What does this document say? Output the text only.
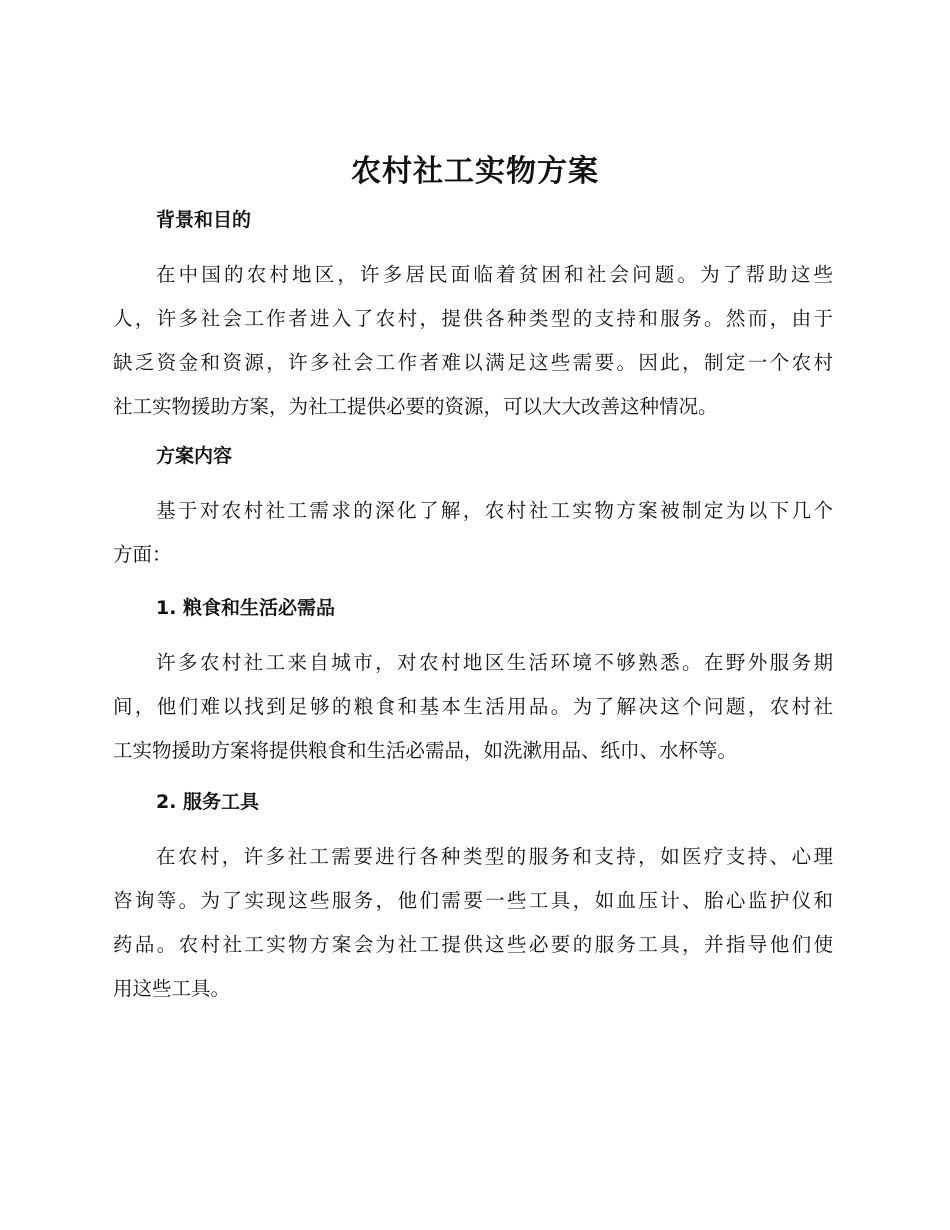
农村社工实物方案
背景和目的
在中国的农村地区，许多居民面临着贫困和社会问题。为了帮助这些
人，许多社会工作者进入了农村，提供各种类型的支持和服务。然而，由于
缺乏资金和资源，许多社会工作者难以满足这些需要。因此，制定一个农村
社工实物援助方案，为社工提供必要的资源，可以大大改善这种情况。
方案内容
基于对农村社工需求的深化了解，农村社工实物方案被制定为以下几个
方面：
1. 粮食和生活必需品
许多农村社工来自城市，对农村地区生活环境不够熟悉。在野外服务期
间，他们难以找到足够的粮食和基本生活用品。为了解决这个问题，农村社
工实物援助方案将提供粮食和生活必需品，如洗漱用品、纸巾、水杯等。
2. 服务工具
在农村，许多社工需要进行各种类型的服务和支持，如医疗支持、心理
咨询等。为了实现这些服务，他们需要一些工具，如血压计、胎心监护仪和
药品。农村社工实物方案会为社工提供这些必要的服务工具，并指导他们使
用这些工具。
